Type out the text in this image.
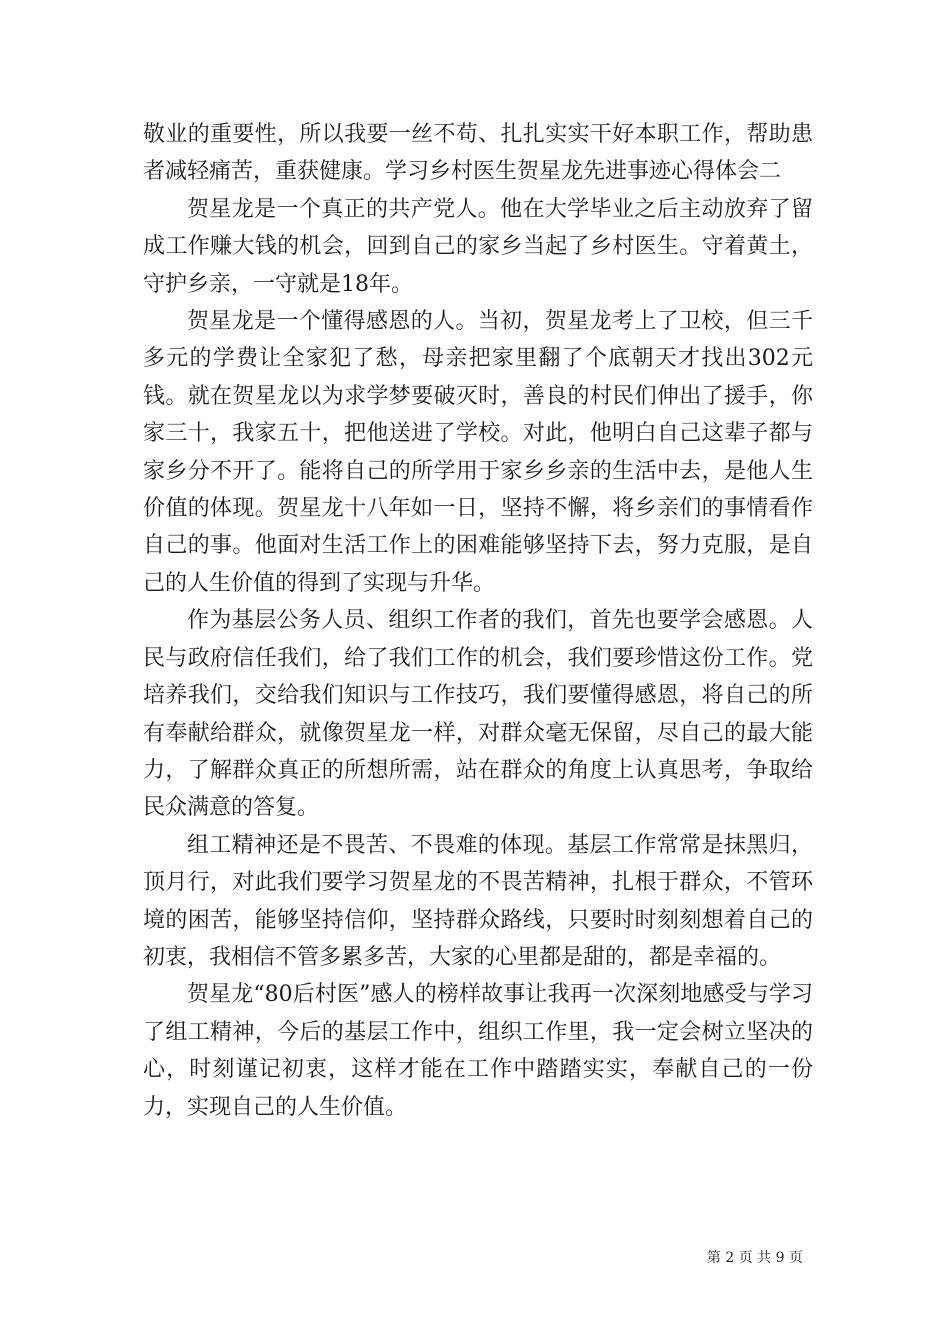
敬业的重要性，所以我要一丝不苟、扎扎实实干好本职工作，帮助患者减轻痛苦，重获健康。学习乡村医生贺星龙先进事迹心得体会二

贺星龙是一个真正的共产党人。他在大学毕业之后主动放弃了留成工作赚大钱的机会，回到自己的家乡当起了乡村医生。守着黄土，守护乡亲，一守就是18年。

贺星龙是一个懂得感恩的人。当初，贺星龙考上了卫校，但三千多元的学费让全家犯了愁，母亲把家里翻了个底朝天才找出302元钱。就在贺星龙以为求学梦要破灭时，善良的村民们伸出了援手，你家三十，我家五十，把他送进了学校。对此，他明白自己这辈子都与家乡分不开了。能将自己的所学用于家乡乡亲的生活中去，是他人生价值的体现。贺星龙十八年如一日，坚持不懈，将乡亲们的事情看作自己的事。他面对生活工作上的困难能够坚持下去，努力克服，是自己的人生价值的得到了实现与升华。

作为基层公务人员、组织工作者的我们，首先也要学会感恩。人民与政府信任我们，给了我们工作的机会，我们要珍惜这份工作。党培养我们，交给我们知识与工作技巧，我们要懂得感恩，将自己的所有奉献给群众，就像贺星龙一样，对群众毫无保留，尽自己的最大能力，了解群众真正的所想所需，站在群众的角度上认真思考，争取给民众满意的答复。

组工精神还是不畏苦、不畏难的体现。基层工作常常是抹黑归，顶月行，对此我们要学习贺星龙的不畏苦精神，扎根于群众，不管环境的困苦，能够坚持信仰，坚持群众路线，只要时时刻刻想着自己的初衷，我相信不管多累多苦，大家的心里都是甜的，都是幸福的。

贺星龙“80后村医”感人的榜样故事让我再一次深刻地感受与学习了组工精神，今后的基层工作中，组织工作里，我一定会树立坚决的心，时刻谨记初衷，这样才能在工作中踏踏实实，奉献自己的一份力，实现自己的人生价值。

第 2 页 共 9 页
